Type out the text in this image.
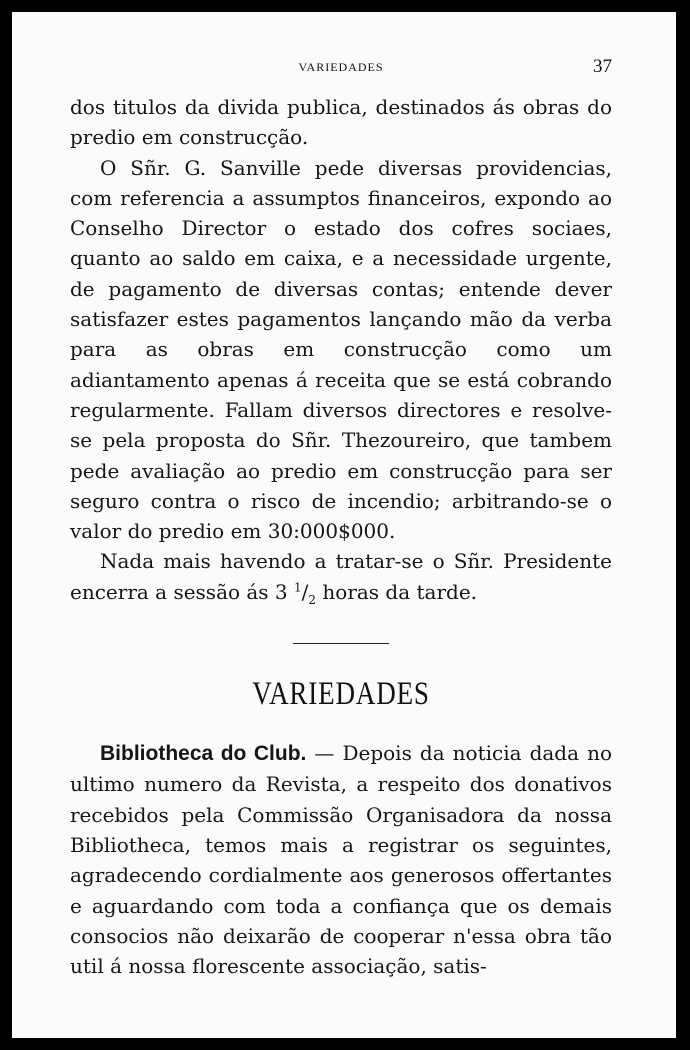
VARIEDADES	37

dos titulos da divida publica, destinados ás obras do predio em construcção.

O Sñr. G. Sanville pede diversas providencias, com referencia a assumptos financeiros, expondo ao Conselho Director o estado dos cofres sociaes, quanto ao saldo em caixa, e a necessidade urgente, de pagamento de diversas contas; entende dever satisfazer estes pagamentos lançando mão da verba para as obras em construcção como um adiantamento apenas á receita que se está cobrando regularmente. Fallam diversos directores e resolve-se pela proposta do Sñr. Thezoureiro, que tambem pede avaliação ao predio em construcção para ser seguro contra o risco de incendio; arbitrando-se o valor do predio em 30:000$000.

Nada mais havendo a tratar-se o Sñr. Presidente encerra a sessão ás 3 $^1/_2$ horas da tarde.

VARIEDADES

Bibliotheca do Club. — Depois da noticia dada no ultimo numero da Revista, a respeito dos donativos recebidos pela Commissão Organisadora da nossa Bibliotheca, temos mais a registrar os seguintes, agradecendo cordialmente aos generosos offertantes e aguardando com toda a confiança que os demais consocios não deixarão de cooperar n'essa obra tão util á nossa florescente associação, satis-
